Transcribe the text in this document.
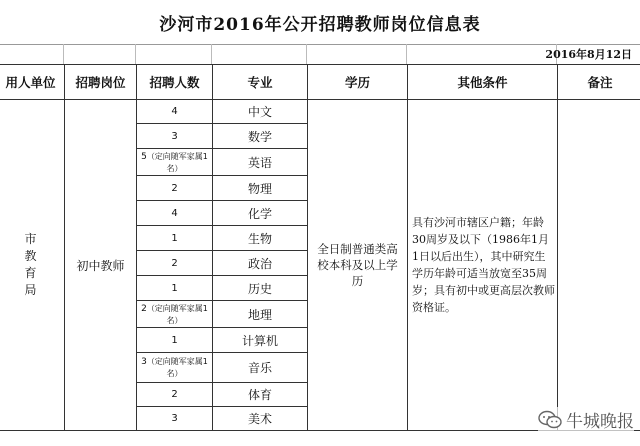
沙河市2016年公开招聘教师岗位信息表
2016年8月12日
用人单位	招聘岗位	招聘人数	专业	学历	其他条件	备注
市教育局	初中教师	4	中文	全日制普通类高校本科及以上学历	具有沙河市辖区户籍；年龄30周岁及以下（1986年1月1日以后出生），其中研究生学历年龄可适当放宽至35周岁；具有初中或更高层次教师资格证。	
		3	数学			
		5（定向随军家属1名）	英语			
		2	物理			
		4	化学			
		1	生物			
		2	政治			
		1	历史			
		2（定向随军家属1名）	地理			
		1	计算机			
		3（定向随军家属1名）	音乐			
		2	体育			
		3	美术				牛城晚报
